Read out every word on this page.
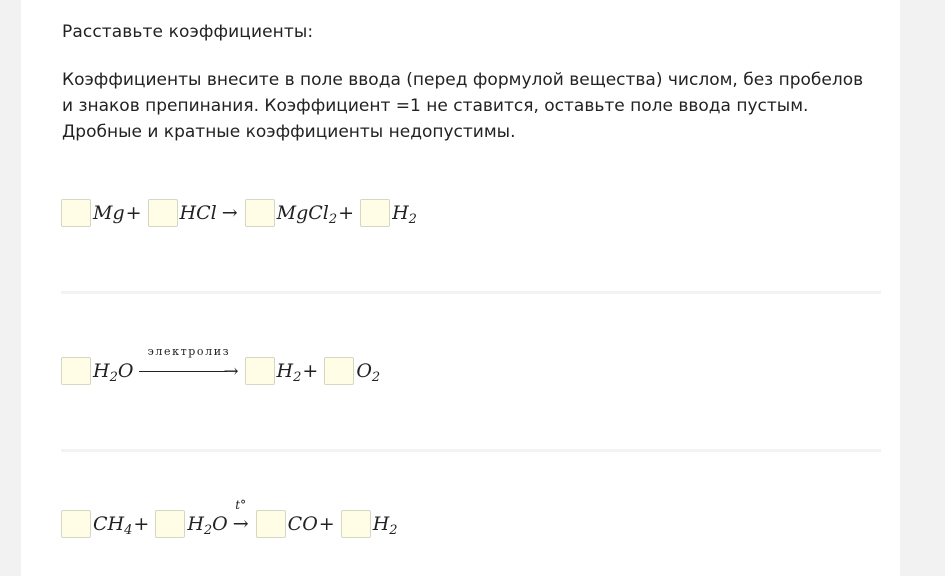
Расставьте коэффициенты:
Коэффициенты внесите в поле ввода (перед формулой вещества) числом, без пробелов и знаков препинания. Коэффициент =1 не ставится, оставьте поле ввода пустым. Дробные и кратные коэффициенты недопустимы.
Mg + HCl → MgCl$_2$ + $H_2$
$H_2O$
электролиз
→ $H_2 + O_2$
$CH_4 + H_2O$
t°
→ CO + $H_2$
